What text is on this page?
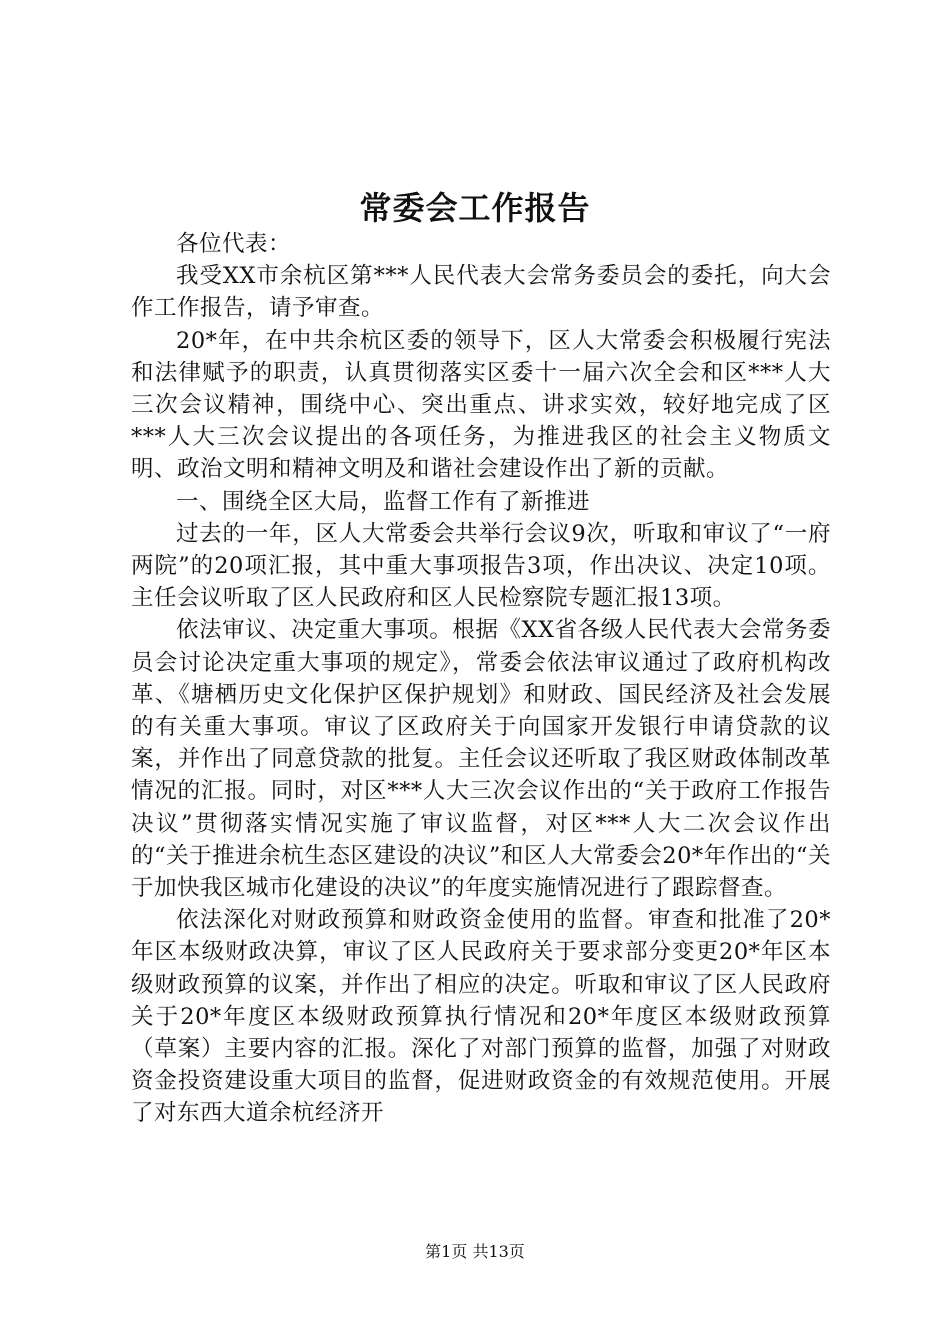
常委会工作报告

各位代表：

我受XX市余杭区第***人民代表大会常务委员会的委托，向大会作工作报告，请予审查。

20*年，在中共余杭区委的领导下，区人大常委会积极履行宪法和法律赋予的职责，认真贯彻落实区委十一届六次全会和区***人大三次会议精神，围绕中心、突出重点、讲求实效，较好地完成了区***人大三次会议提出的各项任务，为推进我区的社会主义物质文明、政治文明和精神文明及和谐社会建设作出了新的贡献。

一、围绕全区大局，监督工作有了新推进

过去的一年，区人大常委会共举行会议9次，听取和审议了“一府两院”的20项汇报，其中重大事项报告3项，作出决议、决定10项。主任会议听取了区人民政府和区人民检察院专题汇报13项。

依法审议、决定重大事项。根据《XX省各级人民代表大会常务委员会讨论决定重大事项的规定》，常委会依法审议通过了政府机构改革、《塘栖历史文化保护区保护规划》和财政、国民经济及社会发展的有关重大事项。审议了区政府关于向国家开发银行申请贷款的议案，并作出了同意贷款的批复。主任会议还听取了我区财政体制改革情况的汇报。同时，对区***人大三次会议作出的“关于政府工作报告决议”贯彻落实情况实施了审议监督，对区***人大二次会议作出的“关于推进余杭生态区建设的决议”和区人大常委会20*年作出的“关于加快我区城市化建设的决议”的年度实施情况进行了跟踪督查。

依法深化对财政预算和财政资金使用的监督。审查和批准了20*年区本级财政决算，审议了区人民政府关于要求部分变更20*年区本级财政预算的议案，并作出了相应的决定。听取和审议了区人民政府关于20*年度区本级财政预算执行情况和20*年度区本级财政预算（草案）主要内容的汇报。深化了对部门预算的监督，加强了对财政资金投资建设重大项目的监督，促进财政资金的有效规范使用。开展了对东西大道余杭经济开

第1页 共13页
